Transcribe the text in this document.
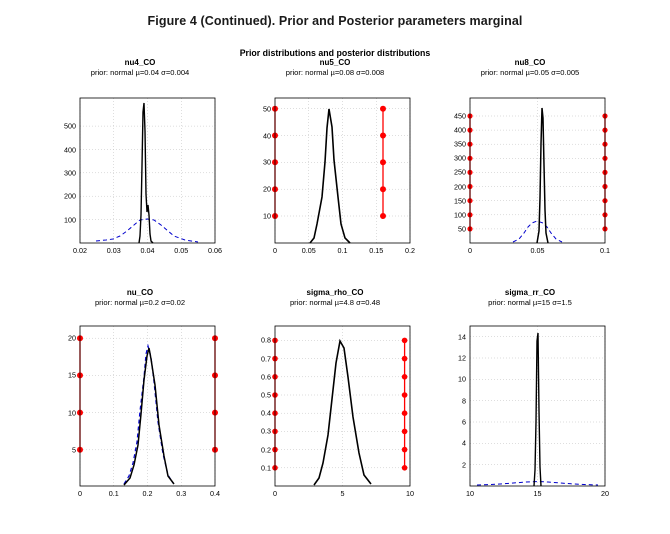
Figure 4 (Continued). Prior and Posterior parameters marginal
Prior distributions and posterior distributions
nu4_CO
prior: normal µ=0.04 σ=0.004
100
200
300
400
500
0.02	0.03	0.04	0.05	0.06
nu5_CO
prior: normal µ=0.08 σ=0.008
10
20
30
40
50
0	0.05	0.1	0.15	0.2
nu8_CO
prior: normal µ=0.05 σ=0.005
50
100
150
200
250
300
350
400
450
0	0.05	0.1
nu_CO
prior: normal µ=0.2 σ=0.02
5
10
15
20
0	0.1	0.2	0.3	0.4
sigma_rho_CO
prior: normal µ=4.8 σ=0.48
0.1
0.2
0.3
0.4
0.5
0.6
0.7
0.8
0	5	10
sigma_rr_CO
prior: normal µ=15 σ=1.5
2
4
6
8
10
12
14
10	15	20
